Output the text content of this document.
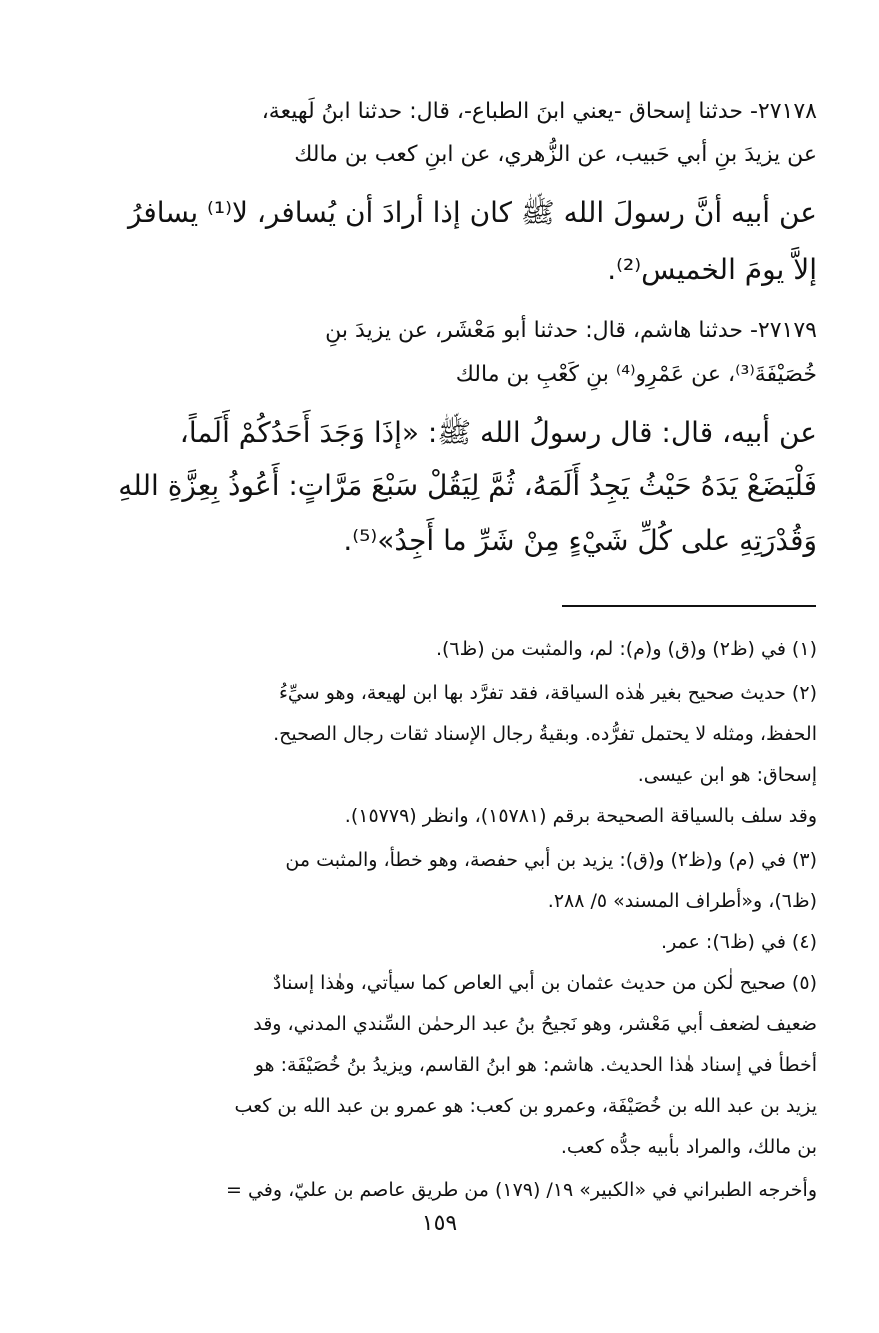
٢٧١٧٨- حدثنا إسحاق -يعني ابنَ الطباع-، قال: حدثنا ابنُ لَهيعة،
عن يزيدَ بنِ أبي حَبيب، عن الزُّهري، عن ابنِ كعب بن مالك
عن أبيه أنَّ رسولَ الله ﷺ كان إذا أرادَ أن يُسافر، لا⁽¹⁾ يسافرُ
إلاَّ يومَ الخميس⁽²⁾.
٢٧١٧٩- حدثنا هاشم، قال: حدثنا أبو مَعْشَر، عن يزيدَ بنِ
خُصَيْفَةَ⁽³⁾، عن عَمْرِو⁽⁴⁾ بنِ كَعْبِ بن مالك
عن أبيه، قال: قال رسولُ الله ﷺ: «إذَا وَجَدَ أَحَدُكُمْ أَلَماً،
فَلْيَضَعْ يَدَهُ حَيْثُ يَجِدُ أَلَمَهُ، ثُمَّ لِيَقُلْ سَبْعَ مَرَّاتٍ: أَعُوذُ بِعِزَّةِ اللهِ
وَقُدْرَتِهِ على كُلِّ شَيْءٍ مِنْ شَرِّ ما أَجِدُ»⁽⁵⁾.
(١) في (ظ٢) و(ق) و(م): لم، والمثبت من (ظ٦).
(٢) حديث صحيح بغير هٰذه السياقة، فقد تفرَّد بها ابن لهيعة، وهو سيِّءُ
الحفظ، ومثله لا يحتمل تفرُّده. وبقيةُ رجال الإسناد ثقات رجال الصحيح.
إسحاق: هو ابن عيسى.
وقد سلف بالسياقة الصحيحة برقم (١٥٧٨١)، وانظر (١٥٧٧٩).
(٣) في (م) و(ظ٢) و(ق): يزيد بن أبي حفصة، وهو خطأ، والمثبت من
(ظ٦)، و«أطراف المسند» ٥/ ٢٨٨.
(٤) في (ظ٦): عمر.
(٥) صحيح لٰكن من حديث عثمان بن أبي العاص كما سيأتي، وهٰذا إسنادٌ
ضعيف لضعف أبي مَعْشر، وهو نَجيحُ بنُ عبد الرحمٰن السِّندي المدني، وقد
أخطأ في إسناد هٰذا الحديث. هاشم: هو ابنُ القاسم، ويزيدُ بنُ خُصَيْفَة: هو
يزيد بن عبد الله بن خُصَيْفَة، وعمرو بن كعب: هو عمرو بن عبد الله بن كعب
بن مالك، والمراد بأبيه جدُّه كعب.
وأخرجه الطبراني في «الكبير» ١٩/ (١٧٩) من طريق عاصم بن عليّ، وفي =
١٥٩
